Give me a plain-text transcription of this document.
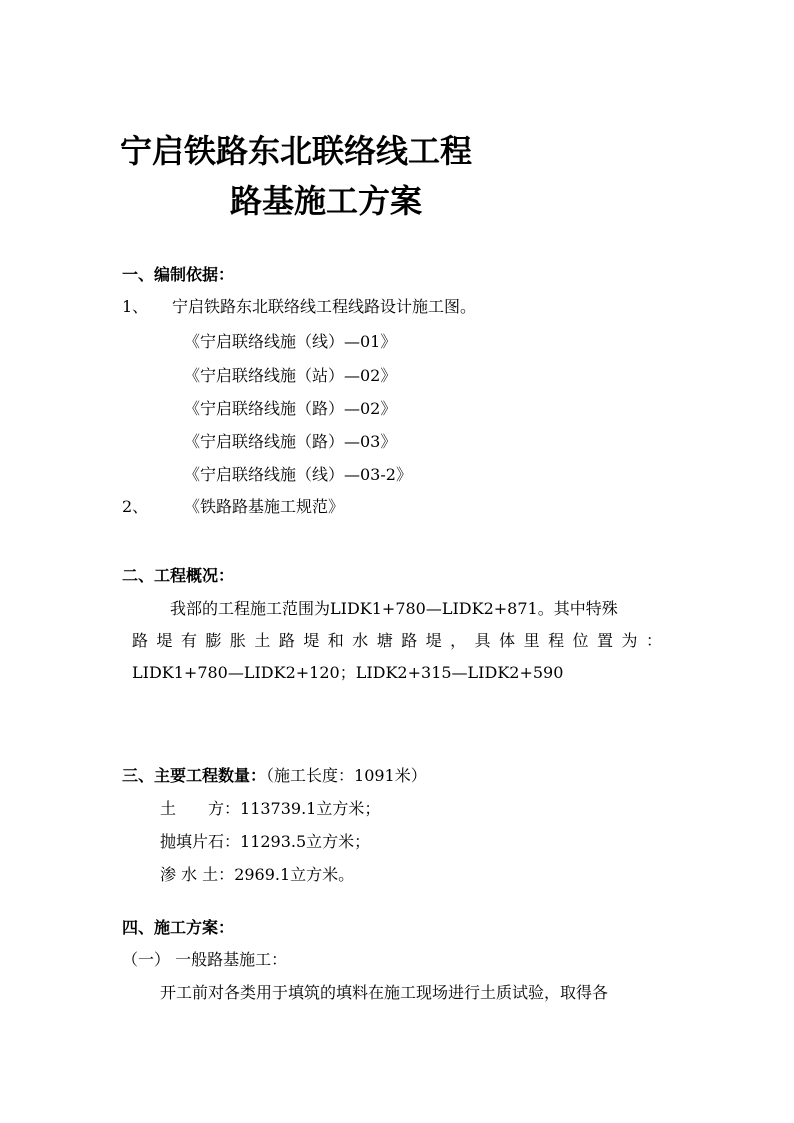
宁启铁路东北联络线工程
路基施工方案
一、编制依据：
1、 宁启铁路东北联络线工程线路设计施工图。
《宁启联络线施（线）—01》
《宁启联络线施（站）—02》
《宁启联络线施（路）—02》
《宁启联络线施（路）—03》
《宁启联络线施（线）—03-2》
2、 《铁路路基施工规范》
二、工程概况：
我部的工程施工范围为LIDK1+780—LIDK2+871。其中特殊
路堤有膨胀土路堤和水塘路堤，具体里程位置为：
LIDK1+780—LIDK2+120；LIDK2+315—LIDK2+590
三、主要工程数量：（施工长度：1091米）
土　　方：113739.1立方米；
抛填片石：11293.5立方米；
渗 水 土：2969.1立方米。
四、施工方案：
（一） 一般路基施工：
开工前对各类用于填筑的填料在施工现场进行土质试验，取得各
